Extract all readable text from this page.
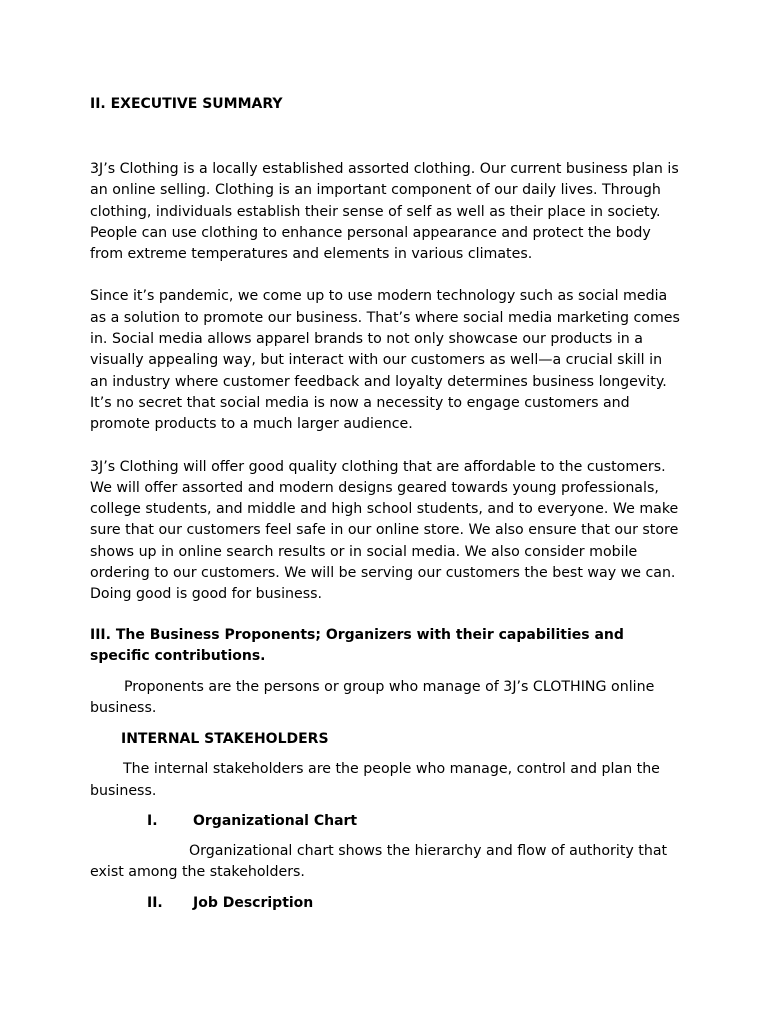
II. EXECUTIVE SUMMARY

3J’s Clothing is a locally established assorted clothing. Our current business plan is an online selling. Clothing is an important component of our daily lives. Through clothing, individuals establish their sense of self as well as their place in society. People can use clothing to enhance personal appearance and protect the body from extreme temperatures and elements in various climates.

Since it’s pandemic, we come up to use modern technology such as social media as a solution to promote our business. That’s where social media marketing comes in. Social media allows apparel brands to not only showcase our products in a visually appealing way, but interact with our customers as well—a crucial skill in an industry where customer feedback and loyalty determines business longevity. It’s no secret that social media is now a necessity to engage customers and promote products to a much larger audience.

3J’s Clothing will offer good quality clothing that are affordable to the customers. We will offer assorted and modern designs geared towards young professionals, college students, and middle and high school students, and to everyone. We make sure that our customers feel safe in our online store. We also ensure that our store shows up in online search results or in social media. We also consider mobile ordering to our customers. We will be serving our customers the best way we can. Doing good is good for business.

III. The Business Proponents; Organizers with their capabilities and specific contributions.

Proponents are the persons or group who manage of 3J’s CLOTHING online business.

INTERNAL STAKEHOLDERS

The internal stakeholders are the people who manage, control and plan the business.

I.	Organizational Chart

Organizational chart shows the hierarchy and flow of authority that exist among the stakeholders.

II.	Job Description
